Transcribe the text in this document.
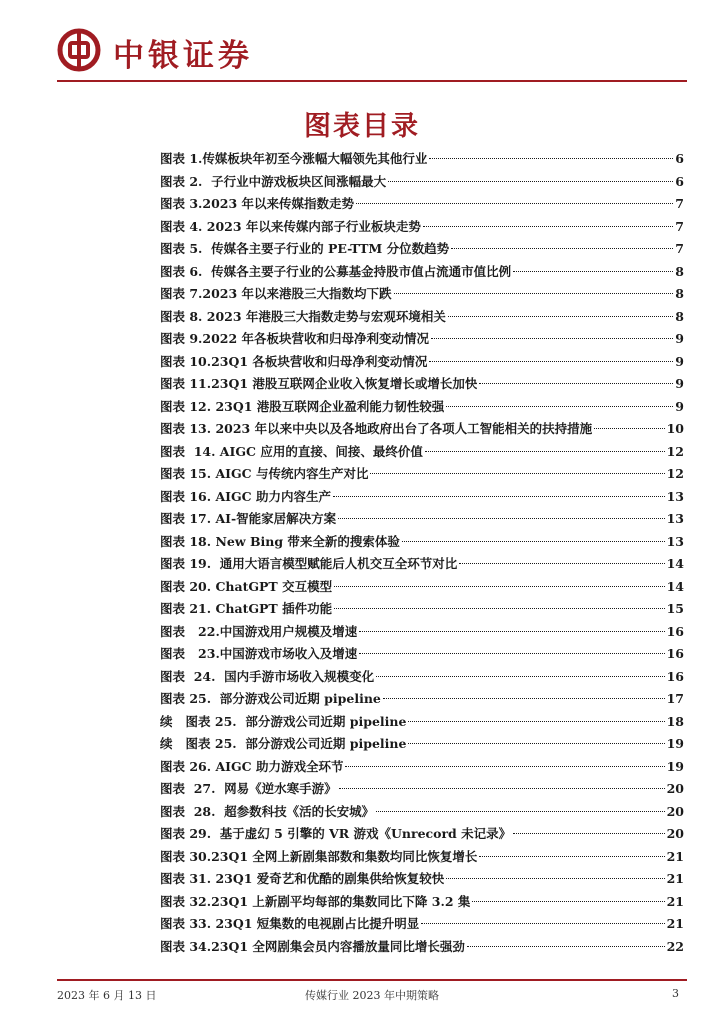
中银证券
图表目录
图表 1.传媒板块年初至今涨幅大幅领先其他行业	6
图表 2.  子行业中游戏板块区间涨幅最大	6
图表 3.2023 年以来传媒指数走势	7
图表 4. 2023 年以来传媒内部子行业板块走势	7
图表 5.  传媒各主要子行业的 PE-TTM 分位数趋势	7
图表 6.  传媒各主要子行业的公募基金持股市值占流通市值比例	8
图表 7.2023 年以来港股三大指数均下跌	8
图表 8. 2023 年港股三大指数走势与宏观环境相关	8
图表 9.2022 年各板块营收和归母净利变动情况	9
图表 10.23Q1 各板块营收和归母净利变动情况	9
图表 11.23Q1 港股互联网企业收入恢复增长或增长加快	9
图表 12. 23Q1 港股互联网企业盈利能力韧性较强	9
图表 13. 2023 年以来中央以及各地政府出台了各项人工智能相关的扶持措施	10
图表  14. AIGC 应用的直接、间接、最终价值	12
图表 15. AIGC 与传统内容生产对比	12
图表 16. AIGC 助力内容生产	13
图表 17. AI-智能家居解决方案	13
图表 18. New Bing 带来全新的搜索体验	13
图表 19.  通用大语言模型赋能后人机交互全环节对比	14
图表 20. ChatGPT 交互模型	14
图表 21. ChatGPT 插件功能	15
图表   22.中国游戏用户规模及增速	16
图表   23.中国游戏市场收入及增速	16
图表  24.  国内手游市场收入规模变化	16
图表 25.  部分游戏公司近期 pipeline	17
续   图表 25.  部分游戏公司近期 pipeline	18
续   图表 25.  部分游戏公司近期 pipeline	19
图表 26. AIGC 助力游戏全环节	19
图表  27.  网易《逆水寒手游》	20
图表  28.  超参数科技《活的长安城》	20
图表 29.  基于虚幻 5 引擎的 VR 游戏《Unrecord 未记录》	20
图表 30.23Q1 全网上新剧集部数和集数均同比恢复增长	21
图表 31. 23Q1 爱奇艺和优酷的剧集供给恢复较快	21
图表 32.23Q1 上新剧平均每部的集数同比下降 3.2 集	21
图表 33. 23Q1 短集数的电视剧占比提升明显	21
图表 34.23Q1 全网剧集会员内容播放量同比增长强劲	22
2023 年 6 月 13 日	传媒行业 2023 年中期策略	3
